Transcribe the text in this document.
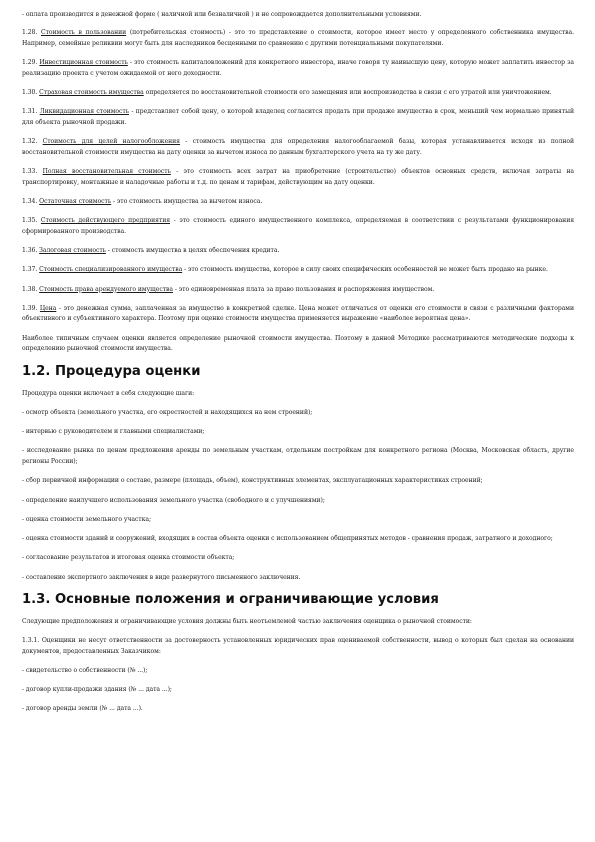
- оплата производится в денежной форме ( наличной или безналичной ) и не сопровождается дополнительными условиями.

1.28. Стоимость в пользовании (потребительская стоимость) - это то представление о стоимости, которое имеет место у определенного собственника имущества. Например, семейные реликвии могут быть для наследников бесценными по сравнению с другими потенциальными покупателями.

1.29. Инвестиционная стоимость - это стоимость капиталовложений для конкретного инвестора, иначе говоря ту наивысшую цену, которую может заплатить инвестор за реализацию проекта с учетом ожидаемой от него доходности.

1.30. Страховая стоимость имущества определяется по восстановительной стоимости его замещения или воспроизводства в связи с его утратой или уничтожением.

1.31. Ликвидационная стоимость - представляет собой цену, о которой владелец согласится продать при продаже имущества в срок, меньший чем нормально принятый для объекта рыночной продажи.

1.32. Стоимость для целей налогообложения - стоимость имущества для определения налогооблагаемой базы, которая устанавливается исходя из полной восстановительной стоимости имущества на дату оценки за вычетом износа по данным бухгалтерского учета на ту же дату.

1.33. Полная восстановительная стоимость - это стоимость всех затрат на приобретение (строительство) объектов основных средств, включая затраты на транспортировку, монтажные и наладочные работы и т.д. по ценам и тарифам, действующим на дату оценки.

1.34. Остаточная стоимость - это стоимость имущества за вычетом износа.

1.35. Стоимость действующего предприятия - это стоимость единого имущественного комплекса, определяемая в соответствии с результатами функционирования сформированного производства.

1.36. Залоговая стоимость - стоимость имущества в целях обеспечения кредита.

1.37. Стоимость специализированного имущества - это стоимость имущества, которое в силу своих специфических особенностей не может быть продано на рынке.

1.38. Стоимость права арендуемого имущества - это единовременная плата за право пользования и распоряжения имуществом.

1.39. Цена - это денежная сумма, заплаченная за имущество в конкретной сделке. Цена может отличаться от оценки его стоимости в связи с различными факторами объективного и субъективного характера. Поэтому при оценке стоимости имущества применяется выражение «наиболее вероятная цена».

Наиболее типичным случаем оценки является определение рыночной стоимости имущества. Поэтому в данной Методике рассматриваются методические подходы к определению рыночной стоимости имущества.

1.2. Процедура оценки

Процедура оценки включает в себя следующие шаги:

- осмотр объекта (земельного участка, его окрестностей и находящихся на нем строений);

- интервью с руководителем и главными специалистами;

- исследование рынка по ценам предложения аренды по земельным участкам, отдельным постройкам для конкретного региона (Москва, Московская область, другие регионы России);

- сбор первичной информации о составе, размере (площадь, объем), конструктивных элементах, эксплуатационных характеристиках строений;

- определение наилучшего использования земельного участка (свободного и с улучшениями);

- оценка стоимости земельного участка;

- оценка стоимости зданий и сооружений, входящих в состав объекта оценки с использованием общепринятых методов - сравнения продаж, затратного и доходного;

- согласование результатов и итоговая оценка стоимости объекта;

- составление экспертного заключения в виде развернутого письменного заключения.

1.3. Основные положения и ограничивающие условия

Следующие предположения и ограничивающие условия должны быть неотъемлемой частью заключения оценщика о рыночной стоимости:

1.3.1. Оценщики не несут ответственности за достоверность установленных юридических прав оцениваемой собственности, вывод о которых был сделан на основании документов, предоставленных Заказчиком:

- свидетельство о собственности (№ ...);

- договор купли-продажи здания (№ ... дата ...);

- договор аренды земли (№ ... дата ...).
